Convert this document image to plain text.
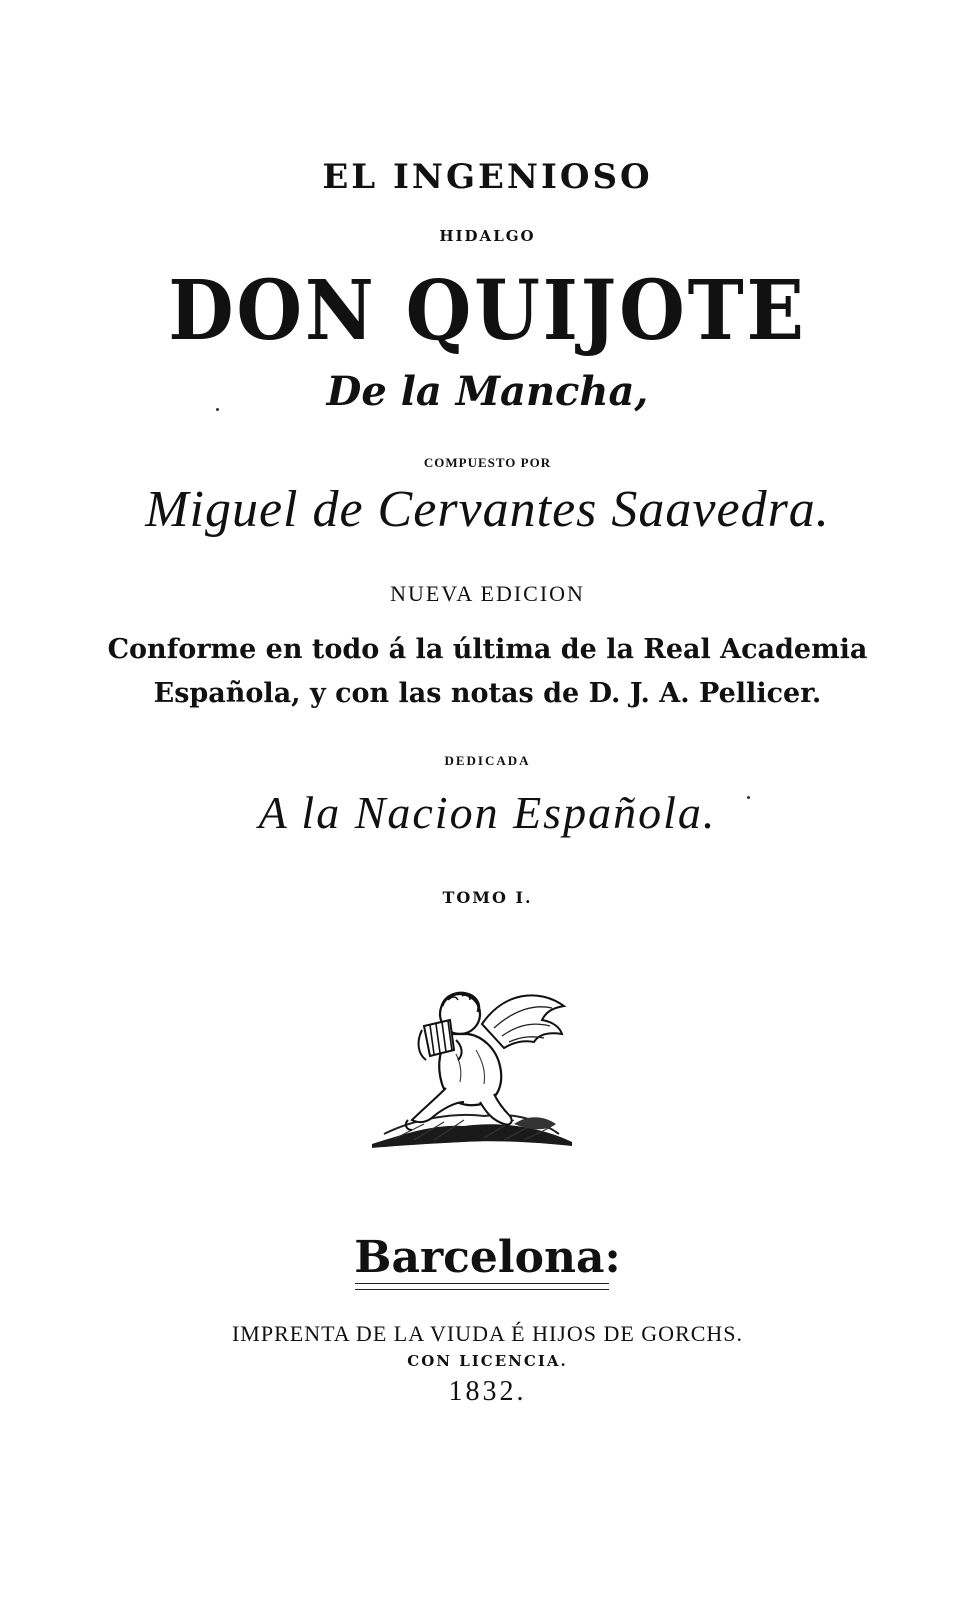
EL INGENIOSO
HIDALGO
DON QUIJOTE
De la Mancha,
COMPUESTO POR
Miguel de Cervantes Saavedra.
NUEVA EDICION
Conforme en todo á la última de la Real Academia
Española, y con las notas de D. J. A. Pellicer.
DEDICADA
A la Nacion Española.
TOMO I.
Barcelona:
IMPRENTA DE LA VIUDA É HIJOS DE GORCHS.
CON LICENCIA.
1832.
